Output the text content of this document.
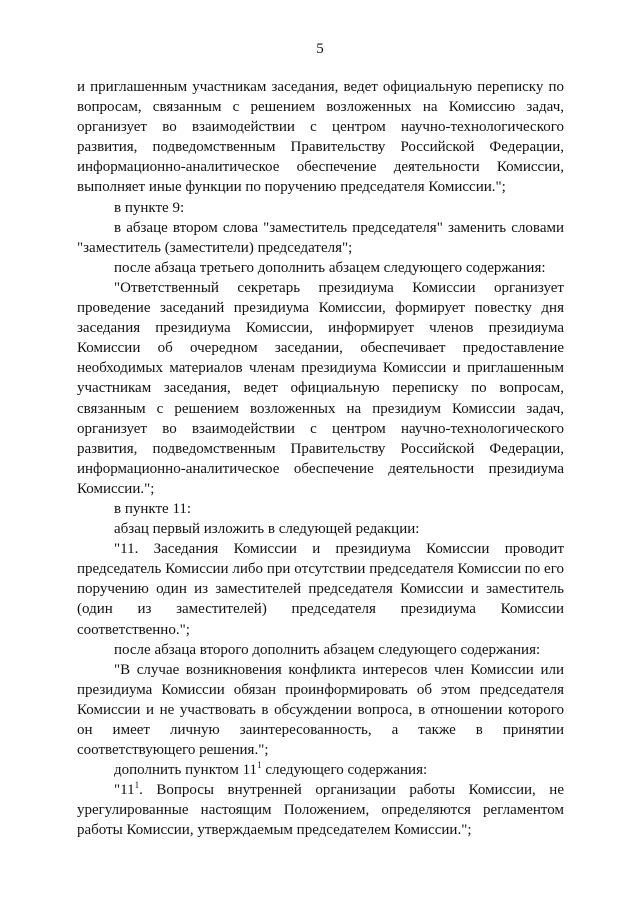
5

и приглашенным участникам заседания, ведет официальную переписку по вопросам, связанным с решением возложенных на Комиссию задач, организует во взаимодействии с центром научно-технологического развития, подведомственным Правительству Российской Федерации, информационно-аналитическое обеспечение деятельности Комиссии, выполняет иные функции по поручению председателя Комиссии.";

в пункте 9:

в абзаце втором слова "заместитель председателя" заменить словами "заместитель (заместители) председателя";

после абзаца третьего дополнить абзацем следующего содержания:

"Ответственный секретарь президиума Комиссии организует проведение заседаний президиума Комиссии, формирует повестку дня заседания президиума Комиссии, информирует членов президиума Комиссии об очередном заседании, обеспечивает предоставление необходимых материалов членам президиума Комиссии и приглашенным участникам заседания, ведет официальную переписку по вопросам, связанным с решением возложенных на президиум Комиссии задач, организует во взаимодействии с центром научно-технологического развития, подведомственным Правительству Российской Федерации, информационно-аналитическое обеспечение деятельности президиума Комиссии.";

в пункте 11:

абзац первый изложить в следующей редакции:

"11. Заседания Комиссии и президиума Комиссии проводит председатель Комиссии либо при отсутствии председателя Комиссии по его поручению один из заместителей председателя Комиссии и заместитель (один из заместителей) председателя президиума Комиссии соответственно.";

после абзаца второго дополнить абзацем следующего содержания:

"В случае возникновения конфликта интересов член Комиссии или президиума Комиссии обязан проинформировать об этом председателя Комиссии и не участвовать в обсуждении вопроса, в отношении которого он имеет личную заинтересованность, а также в принятии соответствующего решения.";

дополнить пунктом $11^1$ следующего содержания:

"$11^1$. Вопросы внутренней организации работы Комиссии, не урегулированные настоящим Положением, определяются регламентом работы Комиссии, утверждаемым председателем Комиссии.";
